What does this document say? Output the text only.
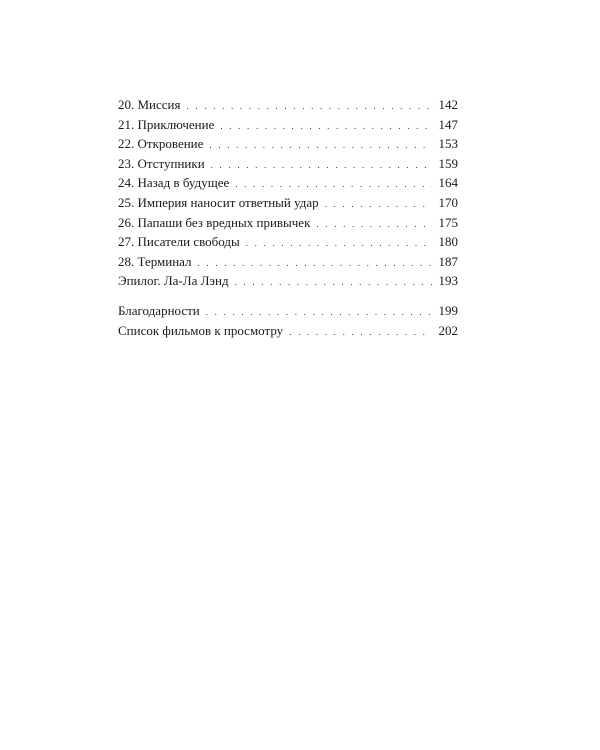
20. Миссия . . .	142
21. Приключение . . .	147
22. Откровение . . .	153
23. Отступники . . .	159
24. Назад в будущее . . .	164
25. Империя наносит ответный удар . . .	170
26. Папаши без вредных привычек . . .	175
27. Писатели свободы . . .	180
28. Терминал . . .	187
Эпилог. Ла-Ла Лэнд . . .	193
Благодарности . . .	199
Список фильмов к просмотру . . .	202
